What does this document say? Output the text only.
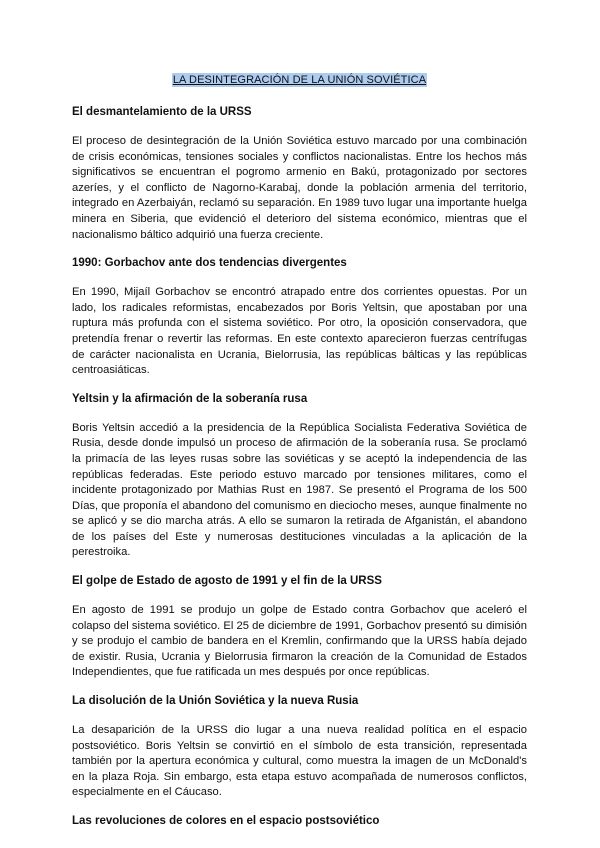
LA DESINTEGRACIÓN DE LA UNIÓN SOVIÉTICA
El desmantelamiento de la URSS

El proceso de desintegración de la Unión Soviética estuvo marcado por una combinación de crisis económicas, tensiones sociales y conflictos nacionalistas. Entre los hechos más significativos se encuentran el pogromo armenio en Bakú, protagonizado por sectores azeríes, y el conflicto de Nagorno-Karabaj, donde la población armenia del territorio, integrado en Azerbaiyán, reclamó su separación. En 1989 tuvo lugar una importante huelga minera en Siberia, que evidenció el deterioro del sistema económico, mientras que el nacionalismo báltico adquirió una fuerza creciente.

1990: Gorbachov ante dos tendencias divergentes

En 1990, Mijaíl Gorbachov se encontró atrapado entre dos corrientes opuestas. Por un lado, los radicales reformistas, encabezados por Boris Yeltsin, que apostaban por una ruptura más profunda con el sistema soviético. Por otro, la oposición conservadora, que pretendía frenar o revertir las reformas. En este contexto aparecieron fuerzas centrífugas de carácter nacionalista en Ucrania, Bielorrusia, las repúblicas bálticas y las repúblicas centroasiáticas.

Yeltsin y la afirmación de la soberanía rusa

Boris Yeltsin accedió a la presidencia de la República Socialista Federativa Soviética de Rusia, desde donde impulsó un proceso de afirmación de la soberanía rusa. Se proclamó la primacía de las leyes rusas sobre las soviéticas y se aceptó la independencia de las repúblicas federadas. Este periodo estuvo marcado por tensiones militares, como el incidente protagonizado por Mathias Rust en 1987. Se presentó el Programa de los 500 Días, que proponía el abandono del comunismo en dieciocho meses, aunque finalmente no se aplicó y se dio marcha atrás. A ello se sumaron la retirada de Afganistán, el abandono de los países del Este y numerosas destituciones vinculadas a la aplicación de la perestroika.

El golpe de Estado de agosto de 1991 y el fin de la URSS

En agosto de 1991 se produjo un golpe de Estado contra Gorbachov que aceleró el colapso del sistema soviético. El 25 de diciembre de 1991, Gorbachov presentó su dimisión y se produjo el cambio de bandera en el Kremlin, confirmando que la URSS había dejado de existir. Rusia, Ucrania y Bielorrusia firmaron la creación de la Comunidad de Estados Independientes, que fue ratificada un mes después por once repúblicas.

La disolución de la Unión Soviética y la nueva Rusia

La desaparición de la URSS dio lugar a una nueva realidad política en el espacio postsoviético. Boris Yeltsin se convirtió en el símbolo de esta transición, representada también por la apertura económica y cultural, como muestra la imagen de un McDonald's en la plaza Roja. Sin embargo, esta etapa estuvo acompañada de numerosos conflictos, especialmente en el Cáucaso.

Las revoluciones de colores en el espacio postsoviético
